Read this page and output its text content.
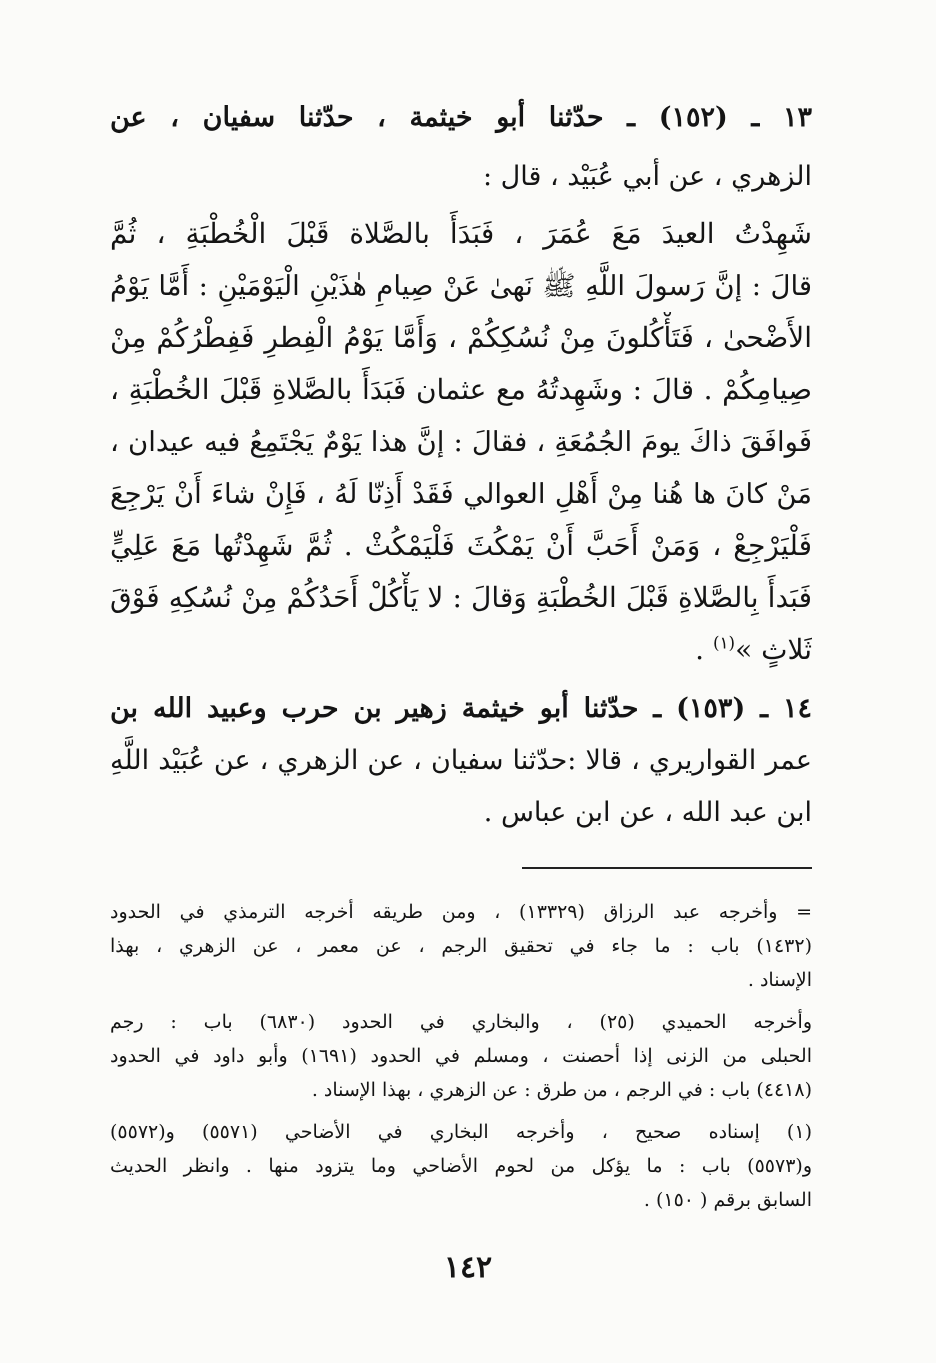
١٣ ـ (١٥٢) ـ حدّثنا أبو خيثمة ، حدّثنا سفيان ، عن
الزهري ، عن أبي عُبَيْد ، قال :
شَهِدْتُ العيدَ مَعَ عُمَرَ ، فَبَدَأَ بالصَّلاة قَبْلَ الْخُطْبَةِ ، ثُمَّ
قالَ : إنَّ رَسولَ اللَّهِ ﷺ نَهىٰ عَنْ صِيامِ هٰذَيْنِ الْيَوْمَيْنِ : أَمَّا يَوْمُ
الأَضْحىٰ ، فَتَأْكُلونَ مِنْ نُسُكِكُمْ ، وَأَمَّا يَوْمُ الْفِطرِ فَفِطْرُكُمْ مِنْ
صِيامِكُمْ . قالَ : وشَهِدتُهُ مع عثمان فَبَدَأَ بالصَّلاةِ قَبْلَ الخُطْبَةِ ،
فَوافَقَ ذاكَ يومَ الجُمُعَةِ ، فقالَ : إنَّ هذا يَوْمٌ يَجْتَمِعُ فيه عيدان ،
مَنْ كانَ ها هُنا مِنْ أَهْلِ العوالي فَقَدْ أَذِنّا لَهُ ، فَإِنْ شاءَ أَنْ يَرْجِعَ
فَلْيَرْجِعْ ، وَمَنْ أَحَبَّ أَنْ يَمْكُثَ فَلْيَمْكُثْ . ثُمَّ شَهِدْتُها مَعَ عَلِيٍّ
فَبَدأَ بِالصَّلاةِ قَبْلَ الخُطْبَةِ وَقالَ : لا يَأْكُلْ أَحَدُكُمْ مِنْ نُسُكِهِ فَوْقَ
ثَلاثٍ »$^{(١)}$ .
١٤ ـ (١٥٣) ـ حدّثنا أبو خيثمة زهير بن حرب وعبيد الله بن
عمر القواريري ، قالا :حدّثنا سفيان ، عن الزهري ، عن عُبَيْد اللَّهِ
ابن عبد الله ، عن ابن عباس .
= وأخرجه عبد الرزاق (١٣٣٢٩) ، ومن طريقه أخرجه الترمذي في الحدود
(١٤٣٢) باب : ما جاء في تحقيق الرجم ، عن معمر ، عن الزهري ، بهذا
الإسناد .
وأخرجه الحميدي (٢٥) ، والبخاري في الحدود (٦٨٣٠) باب : رجم
الحبلى من الزنى إذا أحصنت ، ومسلم في الحدود (١٦٩١) وأبو داود في الحدود
(٤٤١٨) باب : في الرجم ، من طرق : عن الزهري ، بهذا الإسناد .
(١) إسناده صحيح ، وأخرجه البخاري في الأضاحي (٥٥٧١) و(٥٥٧٢)
و(٥٥٧٣) باب : ما يؤكل من لحوم الأضاحي وما يتزود منها . وانظر الحديث
السابق برقم ( ١٥٠) .
١٤٢
